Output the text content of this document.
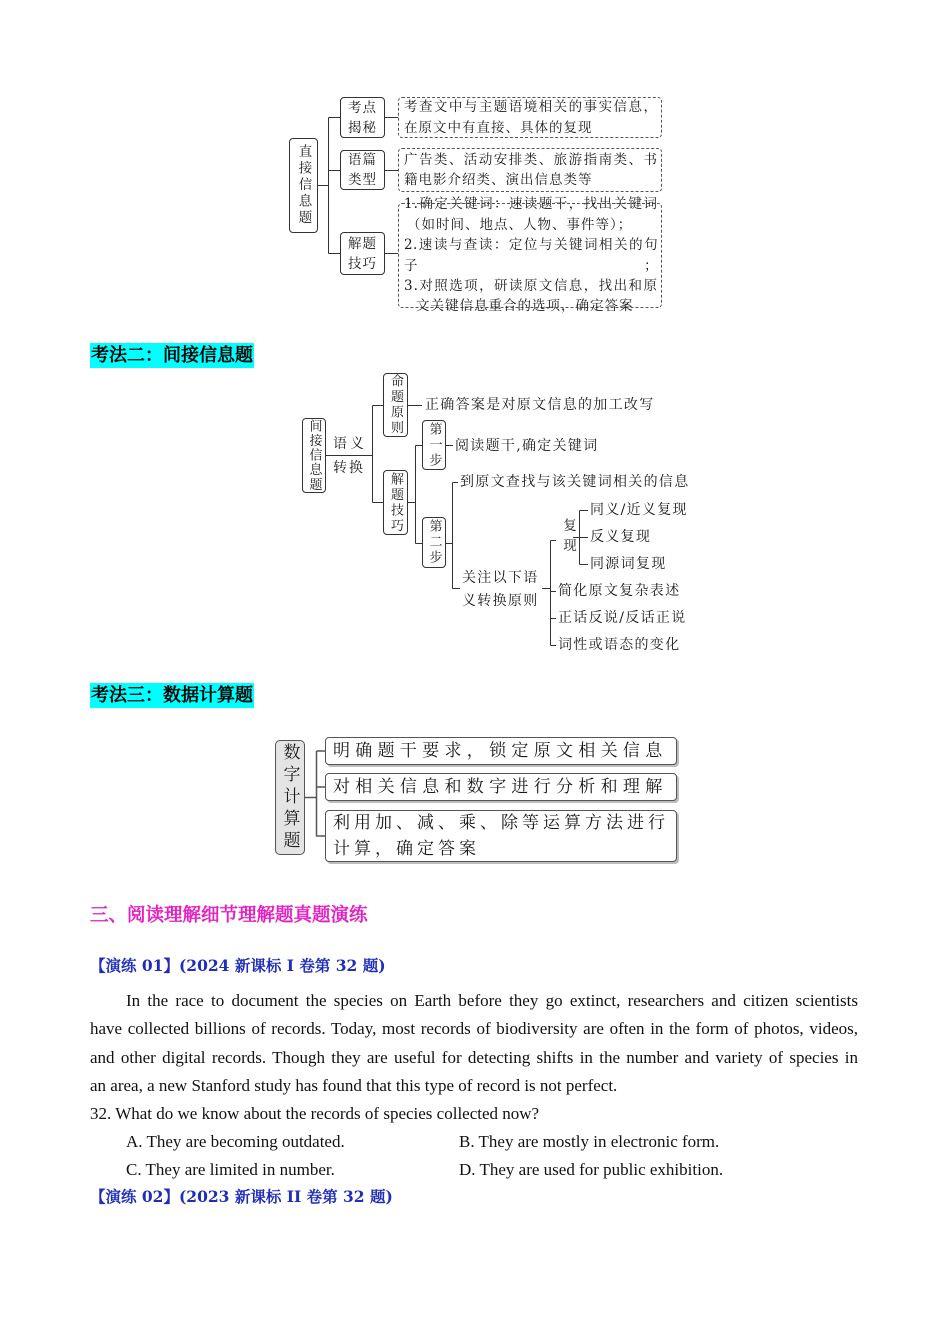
直接信息题
考点
揭秘
语篇
类型
解题
技巧
考查文中与主题语境相关的事实信息，
在原文中有直接、具体的复现
广告类、活动安排类、旅游指南类、书
籍电影介绍类、演出信息类等
1.确定关键词：速读题干，找出关键词
（如时间、地点、人物、事件等）；
2.速读与查读：定位与关键词相关的句子；
3.对照选项，研读原文信息，找出和原
文关键信息重合的选项，确定答案
考法二：间接信息题
间接信息题 语义
转换
命题原则 正确答案是对原文信息的加工改写
解题技巧
第一步 阅读题干,确定关键词
第二步
到原文查找与该关键词相关的信息
关注以下语
义转换原则
复现
同义/近义复现
反义复现
同源词复现
简化原文复杂表述
正话反说/反话正说
词性或语态的变化
考法三：数据计算题
数字计算题 明确题干要求，锁定原文相关信息
对相关信息和数字进行分析和理解
利用加、减、乘、除等运算方法进行
计算，确定答案
三、阅读理解细节理解题真题演练
【演练 01】(2024 新课标 I 卷第 32 题)
In the race to document the species on Earth before they go extinct, researchers and citizen scientists
have collected billions of records. Today, most records of biodiversity are often in the form of photos, videos,
and other digital records. Though they are useful for detecting shifts in the number and variety of species in
an area, a new Stanford study has found that this type of record is not perfect.
32. What do we know about the records of species collected now?
A. They are becoming outdated.	B. They are mostly in electronic form.
C. They are limited in number.	D. They are used for public exhibition.
【演练 02】(2023 新课标 II 卷第 32 题)
